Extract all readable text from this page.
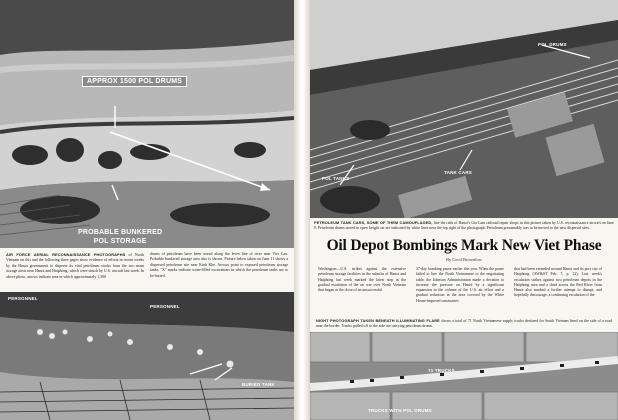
APPROX 1500 POL DRUMS
PROBABLE BUNKERED
POL STORAGE
AIR FORCE AERIAL RECONNAISSANCE PHOTOGRAPHS of North Vietnam on this and the following three pages show evidence of efforts in recent weeks by the Hanoi government to disperse its vital petroleum stocks from the two main storage areas near Hanoi and Haiphong, which were struck by U.S. aircraft last week. In above photo, arrows indicate area in which approximately 1,500
drums of petroleum have been stored along the levee line of river near Viet Cau. Probable bunkered storage area also is shown. Picture below taken on June 11 shows a dispersed petroleum site near Kinh Khe. Arrows point to exposed petroleum storage tanks. "X" marks indicate water-filled excavations in which the petroleum tanks are to be buried.
PERSONNEL
PERSONNEL
BURIED TANK
POL DRUMS
POL TANKS
TANK CARS
PETROLEUM TANK CARS, SOME OF THEM CAMOUFLAGED, line the rails of Hanoi's Gia Lam railroad repair shops in this picture taken by U.S. reconnaissance aircraft on June 9. Petroleum drums stored in open freight car are indicated by white lines near the top right of the photograph. Petroleum presumably was to be moved to the new dispersal sites.
Oil Depot Bombings Mark New Viet Phase
By Cecil Brownlow
Washington—U.S. strikes against the extensive petroleum storage facilities in the suburbs of Hanoi and Haiphong last week marked the latest step in the gradual escalation of the air war over North Vietnam that began at the close of an unsuccessful
37-day bombing pause earlier this year. When the pause failed to lure the North Vietnamese to the negotiating table, the Johnson Administration made a decision to increase the pressure on Hanoi by a significant expansion in the volume of the U.S. air effort and a gradual reduction in the area covered by the White House-imposed sanctuaries
that had been extended around Hanoi and its port city of Haiphong (AW&ST Feb. 7, p. 22). Last week's escalation strikes against two petroleum depots in the Haiphong area and a third across the Red River from Hanoi also marked a further attempt to disrupt, and hopefully discourage, a continuing escalation of the
NIGHT PHOTOGRAPH TAKEN BENEATH ILLUMINATING FLARE shows a total of 71 North Vietnamese supply trucks destined for South Vietnam lined on the side of a road near the border. Trucks pulled off to the side are carrying petroleum drums.
71 TRUCKS
TRUCKS WITH POL DRUMS
